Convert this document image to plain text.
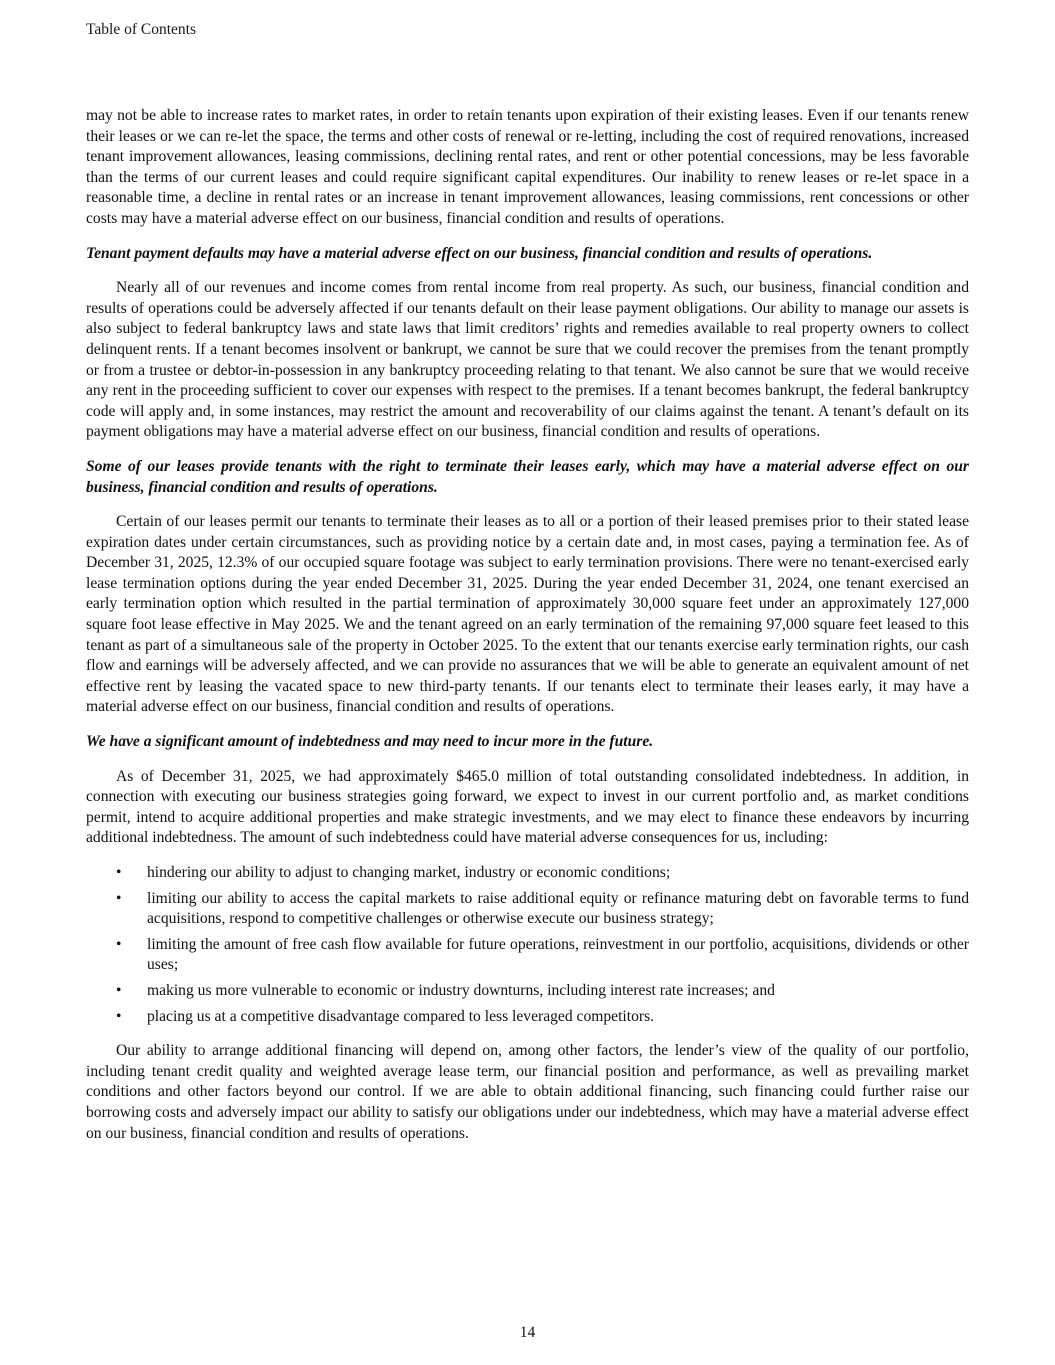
Table of Contents

may not be able to increase rates to market rates, in order to retain tenants upon expiration of their existing leases. Even if our tenants renew their leases or we can re-let the space, the terms and other costs of renewal or re-letting, including the cost of required renovations, increased tenant improvement allowances, leasing commissions, declining rental rates, and rent or other potential concessions, may be less favorable than the terms of our current leases and could require significant capital expenditures. Our inability to renew leases or re-let space in a reasonable time, a decline in rental rates or an increase in tenant improvement allowances, leasing commissions, rent concessions or other costs may have a material adverse effect on our business, financial condition and results of operations.

Tenant payment defaults may have a material adverse effect on our business, financial condition and results of operations.

Nearly all of our revenues and income comes from rental income from real property. As such, our business, financial condition and results of operations could be adversely affected if our tenants default on their lease payment obligations. Our ability to manage our assets is also subject to federal bankruptcy laws and state laws that limit creditors’ rights and remedies available to real property owners to collect delinquent rents. If a tenant becomes insolvent or bankrupt, we cannot be sure that we could recover the premises from the tenant promptly or from a trustee or debtor-in-possession in any bankruptcy proceeding relating to that tenant. We also cannot be sure that we would receive any rent in the proceeding sufficient to cover our expenses with respect to the premises. If a tenant becomes bankrupt, the federal bankruptcy code will apply and, in some instances, may restrict the amount and recoverability of our claims against the tenant. A tenant’s default on its payment obligations may have a material adverse effect on our business, financial condition and results of operations.

Some of our leases provide tenants with the right to terminate their leases early, which may have a material adverse effect on our business, financial condition and results of operations.

Certain of our leases permit our tenants to terminate their leases as to all or a portion of their leased premises prior to their stated lease expiration dates under certain circumstances, such as providing notice by a certain date and, in most cases, paying a termination fee. As of December 31, 2025, 12.3% of our occupied square footage was subject to early termination provisions. There were no tenant-exercised early lease termination options during the year ended December 31, 2025. During the year ended December 31, 2024, one tenant exercised an early termination option which resulted in the partial termination of approximately 30,000 square feet under an approximately 127,000 square foot lease effective in May 2025. We and the tenant agreed on an early termination of the remaining 97,000 square feet leased to this tenant as part of a simultaneous sale of the property in October 2025. To the extent that our tenants exercise early termination rights, our cash flow and earnings will be adversely affected, and we can provide no assurances that we will be able to generate an equivalent amount of net effective rent by leasing the vacated space to new third-party tenants. If our tenants elect to terminate their leases early, it may have a material adverse effect on our business, financial condition and results of operations.

We have a significant amount of indebtedness and may need to incur more in the future.

As of December 31, 2025, we had approximately $465.0 million of total outstanding consolidated indebtedness. In addition, in connection with executing our business strategies going forward, we expect to invest in our current portfolio and, as market conditions permit, intend to acquire additional properties and make strategic investments, and we may elect to finance these endeavors by incurring additional indebtedness. The amount of such indebtedness could have material adverse consequences for us, including:

• hindering our ability to adjust to changing market, industry or economic conditions;
• limiting our ability to access the capital markets to raise additional equity or refinance maturing debt on favorable terms to fund acquisitions, respond to competitive challenges or otherwise execute our business strategy;
• limiting the amount of free cash flow available for future operations, reinvestment in our portfolio, acquisitions, dividends or other uses;
• making us more vulnerable to economic or industry downturns, including interest rate increases; and
• placing us at a competitive disadvantage compared to less leveraged competitors.

Our ability to arrange additional financing will depend on, among other factors, the lender’s view of the quality of our portfolio, including tenant credit quality and weighted average lease term, our financial position and performance, as well as prevailing market conditions and other factors beyond our control. If we are able to obtain additional financing, such financing could further raise our borrowing costs and adversely impact our ability to satisfy our obligations under our indebtedness, which may have a material adverse effect on our business, financial condition and results of operations.

14
